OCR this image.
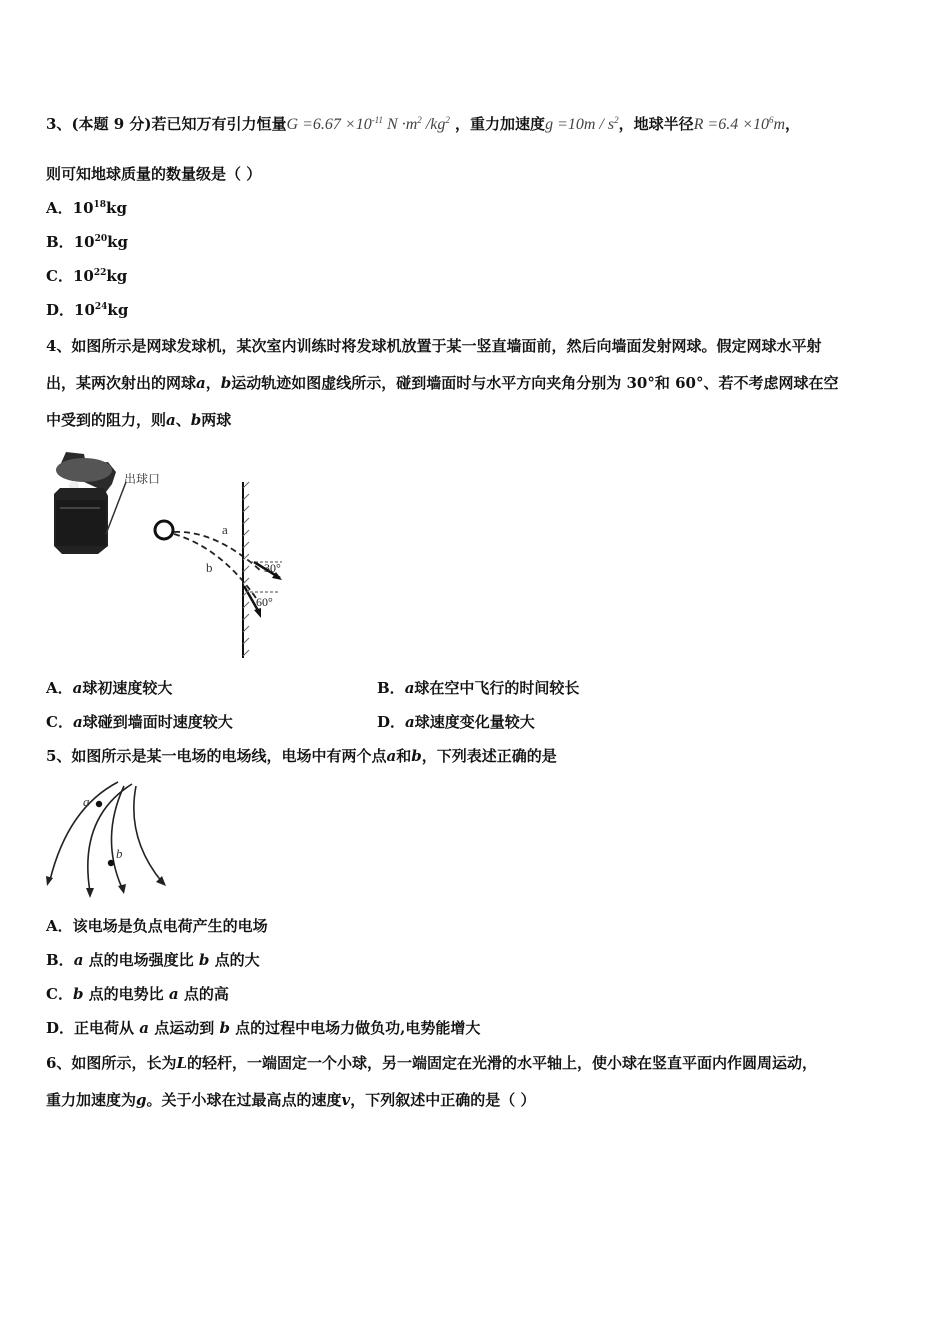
3、(本题 9 分)若已知万有引力恒量$G =6.67 \times 10^{-11}$ $N \cdot m^2$ $/kg^2$ ，重力加速度$g =10m / s^2$，地球半径$R =6.4 \times 10^6m$，
则可知地球质量的数量级是（ ）
A．$10^{18}kg$
B．$10^{20}kg$
C．$10^{22}kg$
D．$10^{24}kg$
4、如图所示是网球发球机，某次室内训练时将发球机放置于某一竖直墙面前，然后向墙面发射网球。假定网球水平射
出，某两次射出的网球a，b运动轨迹如图虚线所示，碰到墙面时与水平方向夹角分别为 30°和 60°、若不考虑网球在空
中受到的阻力，则a、b两球
出球口
a
b	30°
60°
A．a球初速度较大	B．a球在空中飞行的时间较长
C．a球碰到墙面时速度较大	D．a球速度变化量较大
5、如图所示是某一电场的电场线，电场中有两个点a和b，下列表述正确的是
a
b
A．该电场是负点电荷产生的电场
B．a 点的电场强度比 b 点的大
C．b 点的电势比 a 点的高
D．正电荷从 a 点运动到 b 点的过程中电场力做负功,电势能增大
6、如图所示，长为L的轻杆，一端固定一个小球，另一端固定在光滑的水平轴上，使小球在竖直平面内作圆周运动，
重力加速度为g。关于小球在过最高点的速度v，下列叙述中正确的是（ ）
